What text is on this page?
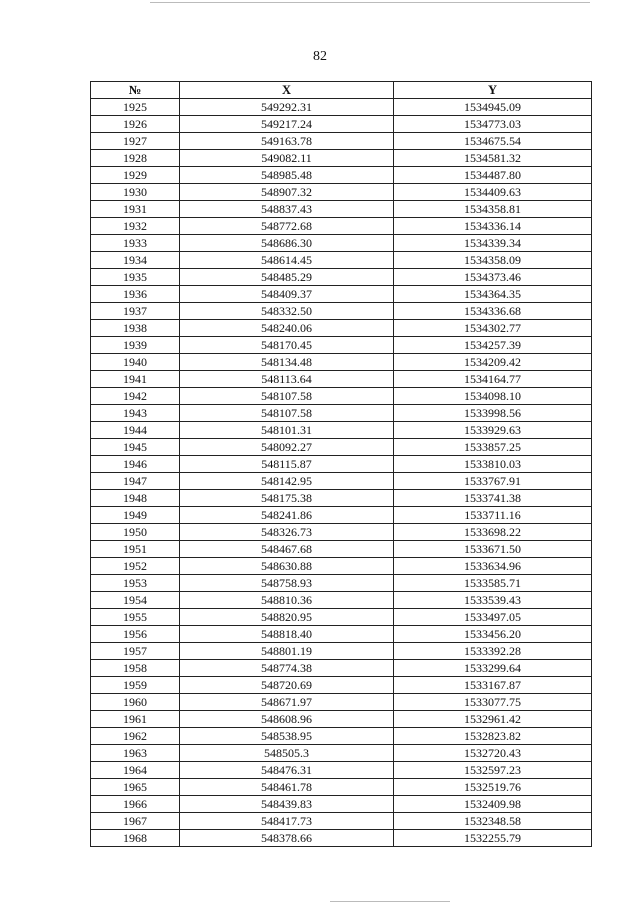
82
№	X	Y
1925	549292.31	1534945.09
1926	549217.24	1534773.03
1927	549163.78	1534675.54
1928	549082.11	1534581.32
1929	548985.48	1534487.80
1930	548907.32	1534409.63
1931	548837.43	1534358.81
1932	548772.68	1534336.14
1933	548686.30	1534339.34
1934	548614.45	1534358.09
1935	548485.29	1534373.46
1936	548409.37	1534364.35
1937	548332.50	1534336.68
1938	548240.06	1534302.77
1939	548170.45	1534257.39
1940	548134.48	1534209.42
1941	548113.64	1534164.77
1942	548107.58	1534098.10
1943	548107.58	1533998.56
1944	548101.31	1533929.63
1945	548092.27	1533857.25
1946	548115.87	1533810.03
1947	548142.95	1533767.91
1948	548175.38	1533741.38
1949	548241.86	1533711.16
1950	548326.73	1533698.22
1951	548467.68	1533671.50
1952	548630.88	1533634.96
1953	548758.93	1533585.71
1954	548810.36	1533539.43
1955	548820.95	1533497.05
1956	548818.40	1533456.20
1957	548801.19	1533392.28
1958	548774.38	1533299.64
1959	548720.69	1533167.87
1960	548671.97	1533077.75
1961	548608.96	1532961.42
1962	548538.95	1532823.82
1963	548505.3	1532720.43
1964	548476.31	1532597.23
1965	548461.78	1532519.76
1966	548439.83	1532409.98
1967	548417.73	1532348.58
1968	548378.66	1532255.79
